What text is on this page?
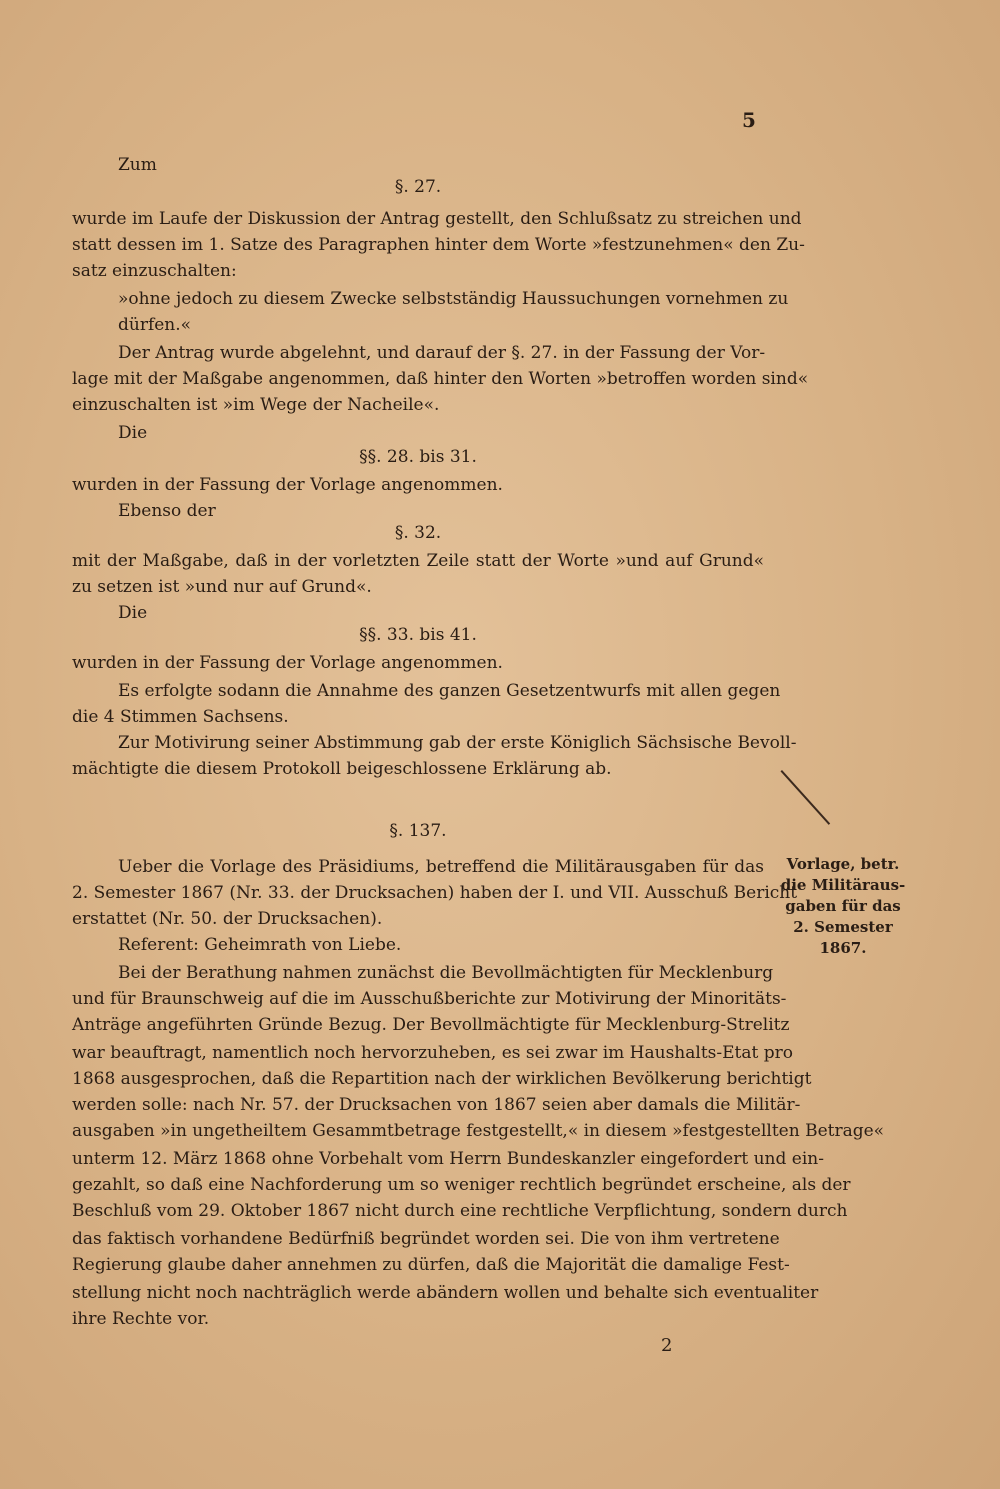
5
Zum
§. 27.
wurde im Laufe der Diskussion der Antrag gestellt, den Schlußsatz zu streichen und
statt dessen im 1. Satze des Paragraphen hinter dem Worte »festzunehmen« den Zu-
satz einzuschalten:
»ohne jedoch zu diesem Zwecke selbstständig Haussuchungen vornehmen zu
dürfen.«
Der Antrag wurde abgelehnt, und darauf der §. 27. in der Fassung der Vor-
lage mit der Maßgabe angenommen, daß hinter den Worten »betroffen worden sind«
einzuschalten ist »im Wege der Nacheile«.
Die
§§. 28. bis 31.
wurden in der Fassung der Vorlage angenommen.
Ebenso der
§. 32.
mit der Maßgabe, daß in der vorletzten Zeile statt der Worte »und auf Grund«
zu setzen ist »und nur auf Grund«.
Die
§§. 33. bis 41.
wurden in der Fassung der Vorlage angenommen.
Es erfolgte sodann die Annahme des ganzen Gesetzentwurfs mit allen gegen
die 4 Stimmen Sachsens.
Zur Motivirung seiner Abstimmung gab der erste Königlich Sächsische Bevoll-
mächtigte die diesem Protokoll beigeschlossene Erklärung ab.
§. 137.
Ueber die Vorlage des Präsidiums, betreffend die Militärausgaben für das
2. Semester 1867 (Nr. 33. der Drucksachen) haben der I. und VII. Ausschuß Bericht
erstattet (Nr. 50. der Drucksachen).
Referent: Geheimrath von Liebe.
Bei der Berathung nahmen zunächst die Bevollmächtigten für Mecklenburg
und für Braunschweig auf die im Ausschußberichte zur Motivirung der Minoritäts-
Anträge angeführten Gründe Bezug. Der Bevollmächtigte für Mecklenburg-Strelitz
war beauftragt, namentlich noch hervorzuheben, es sei zwar im Haushalts-Etat pro
1868 ausgesprochen, daß die Repartition nach der wirklichen Bevölkerung berichtigt
werden solle: nach Nr. 57. der Drucksachen von 1867 seien aber damals die Militär-
ausgaben »in ungetheiltem Gesammtbetrage festgestellt,« in diesem »festgestellten Betrage«
unterm 12. März 1868 ohne Vorbehalt vom Herrn Bundeskanzler eingefordert und ein-
gezahlt, so daß eine Nachforderung um so weniger rechtlich begründet erscheine, als der
Beschluß vom 29. Oktober 1867 nicht durch eine rechtliche Verpflichtung, sondern durch
das faktisch vorhandene Bedürfniß begründet worden sei. Die von ihm vertretene
Regierung glaube daher annehmen zu dürfen, daß die Majorität die damalige Fest-
stellung nicht noch nachträglich werde abändern wollen und behalte sich eventualiter
ihre Rechte vor.
Vorlage, betr.
die Militäraus-
gaben für das
2. Semester
1867.
2
